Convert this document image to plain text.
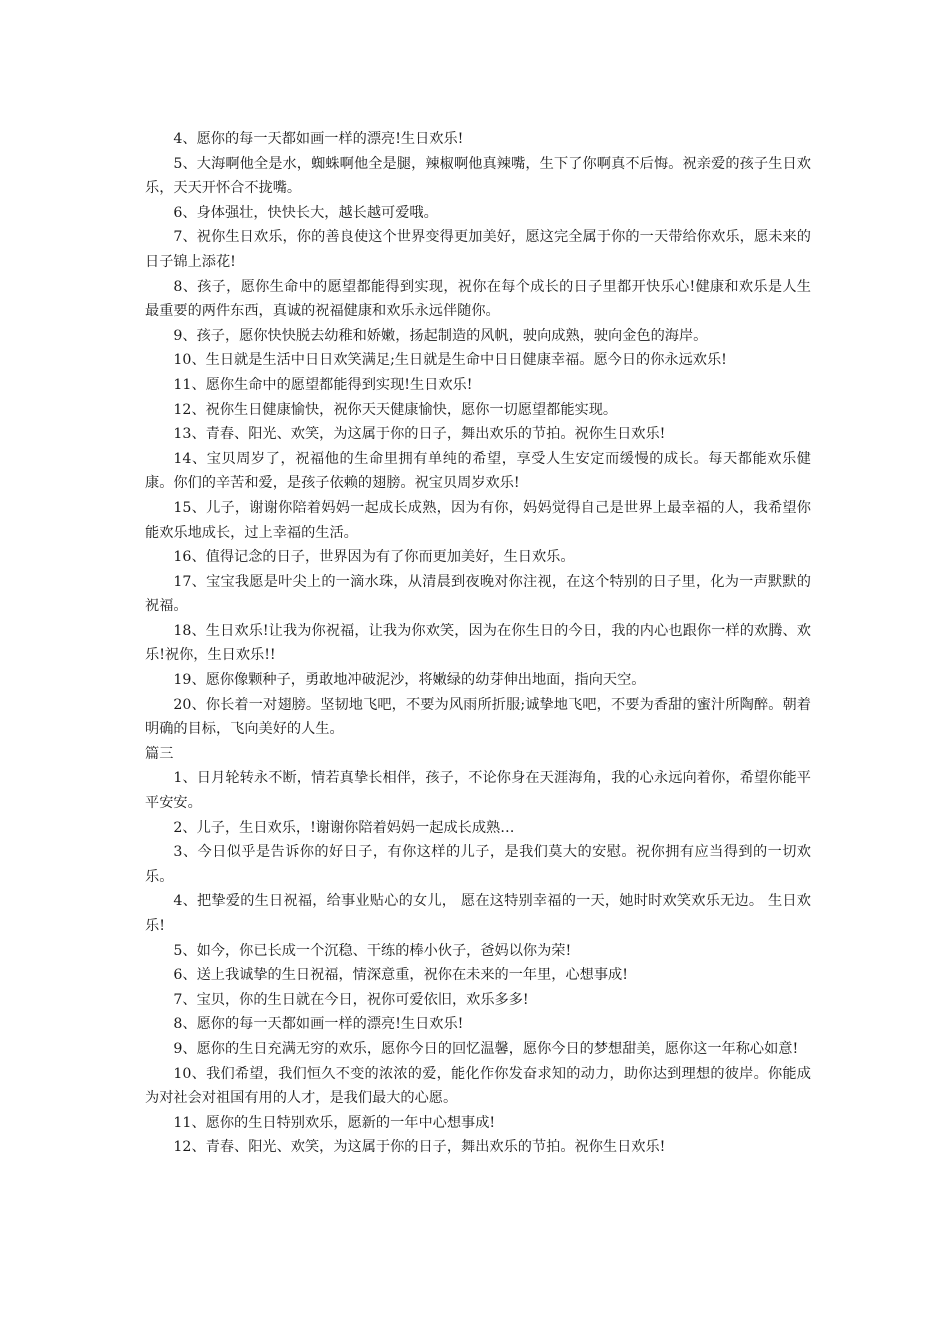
4、愿你的每一天都如画一样的漂亮!生日欢乐!

5、大海啊他全是水，蜘蛛啊他全是腿，辣椒啊他真辣嘴，生下了你啊真不后悔。祝亲爱的孩子生日欢乐，天天开怀合不拢嘴。

6、身体强壮，快快长大，越长越可爱哦。

7、祝你生日欢乐，你的善良使这个世界变得更加美好，愿这完全属于你的一天带给你欢乐，愿未来的日子锦上添花!

8、孩子，愿你生命中的愿望都能得到实现，祝你在每个成长的日子里都开快乐心!健康和欢乐是人生最重要的两件东西，真诚的祝福健康和欢乐永远伴随你。

9、孩子，愿你快快脱去幼稚和娇嫩，扬起制造的风帆，驶向成熟，驶向金色的海岸。

10、生日就是生活中日日欢笑满足;生日就是生命中日日健康幸福。愿今日的你永远欢乐!

11、愿你生命中的愿望都能得到实现!生日欢乐!

12、祝你生日健康愉快，祝你天天健康愉快，愿你一切愿望都能实现。

13、青春、阳光、欢笑，为这属于你的日子，舞出欢乐的节拍。祝你生日欢乐!

14、宝贝周岁了，祝福他的生命里拥有单纯的希望，享受人生安定而缓慢的成长。每天都能欢乐健康。你们的辛苦和爱，是孩子依赖的翅膀。祝宝贝周岁欢乐!

15、儿子，谢谢你陪着妈妈一起成长成熟，因为有你，妈妈觉得自己是世界上最幸福的人，我希望你能欢乐地成长，过上幸福的生活。

16、值得记念的日子，世界因为有了你而更加美好，生日欢乐。

17、宝宝我愿是叶尖上的一滴水珠，从清晨到夜晚对你注视，在这个特别的日子里，化为一声默默的祝福。

18、生日欢乐!让我为你祝福，让我为你欢笑，因为在你生日的今日，我的内心也跟你一样的欢腾、欢乐!祝你，生日欢乐!!

19、愿你像颗种子，勇敢地冲破泥沙，将嫩绿的幼芽伸出地面，指向天空。

20、你长着一对翅膀。坚韧地飞吧，不要为风雨所折服;诚挚地飞吧，不要为香甜的蜜汁所陶醉。朝着明确的目标，飞向美好的人生。

篇三

1、日月轮转永不断，情若真挚长相伴，孩子，不论你身在天涯海角，我的心永远向着你，希望你能平平安安。

2、儿子，生日欢乐，!谢谢你陪着妈妈一起成长成熟…

3、今日似乎是告诉你的好日子，有你这样的儿子，是我们莫大的安慰。祝你拥有应当得到的一切欢乐。

4、把挚爱的生日祝福，给事业贴心的女儿， 愿在这特别幸福的一天，她时时欢笑欢乐无边。 生日欢乐!

5、如今，你已长成一个沉稳、干练的棒小伙子，爸妈以你为荣!

6、送上我诚挚的生日祝福，情深意重，祝你在未来的一年里，心想事成!

7、宝贝，你的生日就在今日，祝你可爱依旧，欢乐多多!

8、愿你的每一天都如画一样的漂亮!生日欢乐!

9、愿你的生日充满无穷的欢乐，愿你今日的回忆温馨，愿你今日的梦想甜美，愿你这一年称心如意!

10、我们希望，我们恒久不变的浓浓的爱，能化作你发奋求知的动力，助你达到理想的彼岸。你能成为对社会对祖国有用的人才，是我们最大的心愿。

11、愿你的生日特别欢乐，愿新的一年中心想事成!

12、青春、阳光、欢笑，为这属于你的日子，舞出欢乐的节拍。祝你生日欢乐!
